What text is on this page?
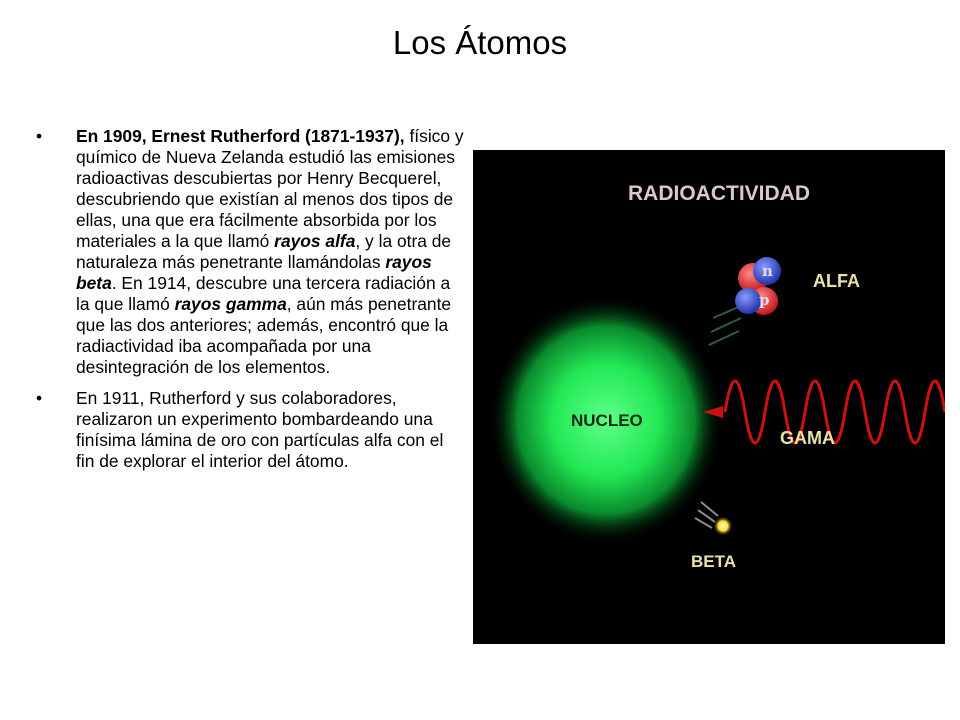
Los Átomos
• En 1909, Ernest Rutherford (1871-1937), físico y químico de Nueva Zelanda estudió las emisiones radioactivas descubiertas por Henry Becquerel, descubriendo que existían al menos dos tipos de ellas, una que era fácilmente absorbida por los materiales a la que llamó rayos alfa, y la otra de naturaleza más penetrante llamándolas rayos beta. En 1914, descubre una tercera radiación a la que llamó rayos gamma, aún más penetrante que las dos anteriores; además, encontró que la radiactividad iba acompañada por una desintegración de los elementos.
• En 1911, Rutherford y sus colaboradores, realizaron un experimento bombardeando una finísima lámina de oro con partículas alfa con el fin de explorar el interior del átomo.
RADIOACTIVIDAD
NUCLEO
n
p
ALFA
GAMA
BETA
